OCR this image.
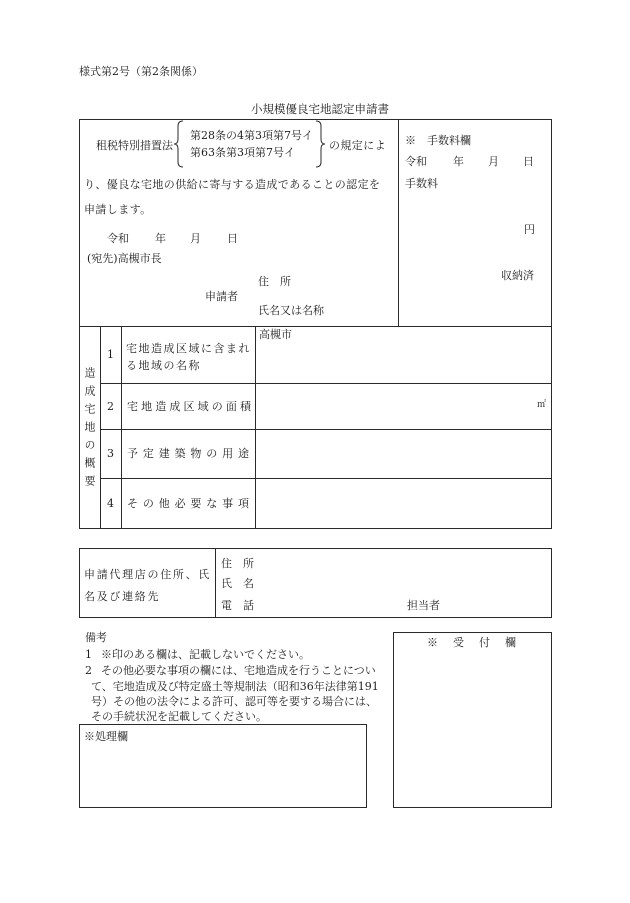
様式第2号（第2条関係）
小規模優良宅地認定申請書
租税特別措置法
第28条の4第3項第7号イ
第63条第3項第7号イ
の規定によ
り、優良な宅地の供給に寄与する造成であることの認定を
申請します。
令和 年 月 日
(宛先)高槻市長
住　所
申請者
氏名又は名称
※　手数料欄
令和 年 月 日
手数料
円
収納済
造成宅地の概要
1	宅地造成区域に含まれ
る地域の名称
高槻市
2	宅地造成区域の面積	㎡
3	予定建築物の用途
4	その他必要な事項
申請代理店の住所、氏
名及び連絡先
住　所
氏　名
電　話	担当者
備考
1 ※印のある欄は、記載しないでください。
2 その他必要な事項の欄には、宅地造成を行うことについ
て、宅地造成及び特定盛土等規制法（昭和36年法律第191
号）その他の法令による許可、認可等を要する場合には、
その手続状況を記載してください。
※処理欄
※　受　付　欄
